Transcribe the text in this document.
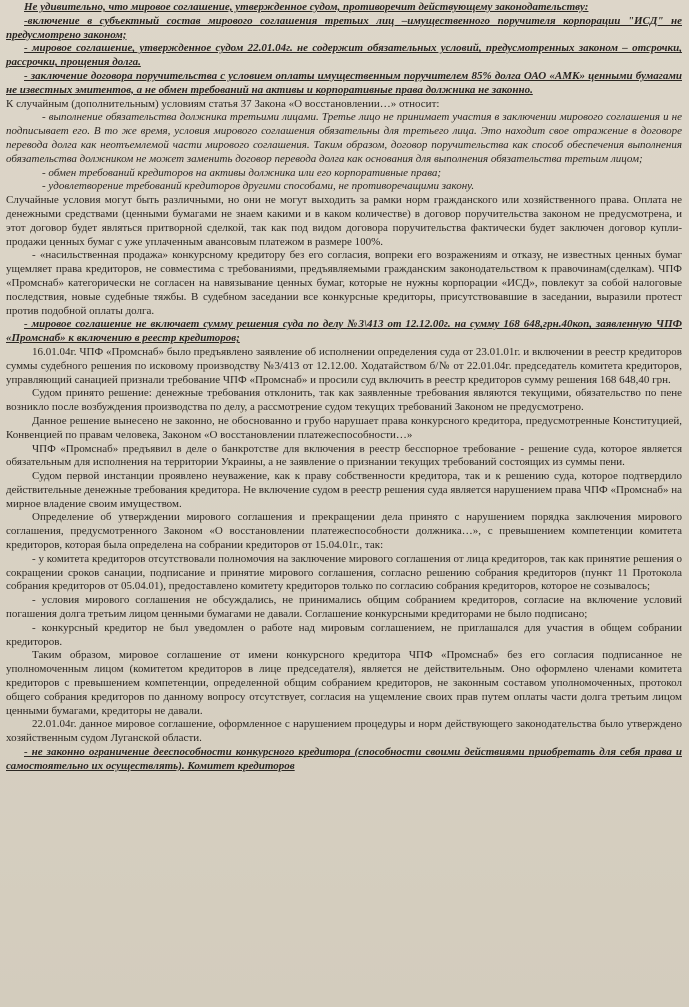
Не удивительно, что мировое соглашение, утвержденное судом, противоречит действующему законодательству:

-включение в субъектный состав мирового соглашения третьих лиц –имущественного поручителя корпорации "ИСД" не предусмотрено законом;

- мировое соглашение, утвержденное судом 22.01.04г. не содержит обязательных условий, предусмотренных законом – отсрочки, рассрочки, прощения долга.

- заключение договора поручительства с условием оплаты имущественным поручителем 85% долга ОАО «АМК» ценными бумагами не известных эмитентов, а не обмен требований на активы и корпоративные права должника не законно.

К случайным (дополнительным) условиям статья 37 Закона «О восстановлении…» относит:

- выполнение обязательства должника третьими лицами. Третье лицо не принимает участия в заключении мирового соглашения и не подписывает его. В то же время, условия мирового соглашения обязательны для третьего лица. Это находит свое отражение в договоре перевода долга как неотъемлемой части мирового соглашения. Таким образом, договор поручительства как способ обеспечения выполнения обязательства должником не может заменить договор перевода долга как основания для выполнения обязательства третьим лицом;

- обмен требований кредиторов на активы должника или его корпоративные права;

- удовлетворение требований кредиторов другими способами, не противоречащими закону.

Случайные условия могут быть различными, но они не могут выходить за рамки норм гражданского или хозяйственного права. Оплата не денежными средствами (ценными бумагами не знаем какими и в каком количестве) в договор поручительства законом не предусмотрена, и этот договор будет являться притворной сделкой, так как под видом договора поручительства фактически будет заключен договор купли-продажи ценных бумаг с уже уплаченным авансовым платежом в размере 100%.

- «насильственная продажа» конкурсному кредитору без его согласия, вопреки его возражениям и отказу, не известных ценных бумаг ущемляет права кредиторов, не совместима с требованиями, предъявляемыми гражданским законодательством к правочинам(сделкам). ЧПФ «Промснаб» категорически не согласен на навязывание ценных бумаг, которые не нужны корпорации «ИСД», повлекут за собой налоговые последствия, новые судебные тяжбы. В судебном заседании все конкурсные кредиторы, присутствовавшие в заседании, выразили протест против подобной оплаты долга.

- мировое соглашение не включает сумму решения суда по делу №3\413 от 12.12.00г. на сумму 168 648,грн.40коп, заявленную ЧПФ «Промснаб» к включению в реестр кредиторов;

16.01.04г. ЧПФ «Промснаб» было предъявлено заявление об исполнении определения суда от 23.01.01г. и включении в реестр кредиторов суммы судебного решения по исковому производству №3/413 от 12.12.00. Ходатайством б/№ от 22.01.04г. председатель комитета кредиторов, управляющий санацией признали требование ЧПФ «Промснаб» и просили суд включить в реестр кредиторов сумму решения 168 648,40 грн.

Судом принято решение: денежные требования отклонить, так как заявленные требования являются текущими, обязательство по пене возникло после возбуждения производства по делу, а рассмотрение судом текущих требований Законом не предусмотрено.

Данное решение вынесено не законно, не обоснованно и грубо нарушает права конкурсного кредитора, предусмотренные Конституцией, Конвенцией по правам человека, Законом «О восстановлении платежеспособности…»

ЧПФ «Промснаб» предъявил в деле о банкротстве для включения в реестр бесспорное требование - решение суда, которое является обязательным для исполнения на территории Украины, а не заявление о признании текущих требований состоящих из суммы пени.

Судом первой инстанции проявлено неуважение, как к праву собственности кредитора, так и к решению суда, которое подтвердило действительные денежные требования кредитора. Не включение судом в реестр решения суда является нарушением права ЧПФ «Промснаб» на мирное владение своим имуществом.

Определение об утверждении мирового соглашения и прекращении дела принято с нарушением порядка заключения мирового соглашения, предусмотренного Законом «О восстановлении платежеспособности должника…», с превышением компетенции комитета кредиторов, которая была определена на собрании кредиторов от 15.04.01г., так:

- у комитета кредиторов отсутствовали полномочия на заключение мирового соглашения от лица кредиторов, так как принятие решения о сокращении сроков санации, подписание и принятие мирового соглашения, согласно решению собрания кредиторов (пункт 11 Протокола собрания кредиторов от 05.04.01), предоставлено комитету кредиторов только по согласию собрания кредиторов, которое не созывалось;

- условия мирового соглашения не обсуждались, не принимались общим собранием кредиторов, согласие на включение условий погашения долга третьим лицом ценными бумагами не давали. Соглашение конкурсными кредиторами не было подписано;

- конкурсный кредитор не был уведомлен о работе над мировым соглашением, не приглашался для участия в общем собрании кредиторов.

Таким образом, мировое соглашение от имени конкурсного кредитора ЧПФ «Промснаб» без его согласия подписанное не уполномоченным лицом (комитетом кредиторов в лице председателя), является не действительным. Оно оформлено членами комитета кредиторов с превышением компетенции, определенной общим собранием кредиторов, не законным составом уполномоченных, протокол общего собрания кредиторов по данному вопросу отсутствует, согласия на ущемление своих прав путем оплаты части долга третьим лицом ценными бумагами, кредиторы не давали.

22.01.04г. данное мировое соглашение, оформленное с нарушением процедуры и норм действующего законодательства было утверждено хозяйственным судом Луганской области.

- не законно ограничение дееспособности конкурсного кредитора (способности своими действиями приобретать для себя права и самостоятельно их осуществлять). Комитет кредиторов
